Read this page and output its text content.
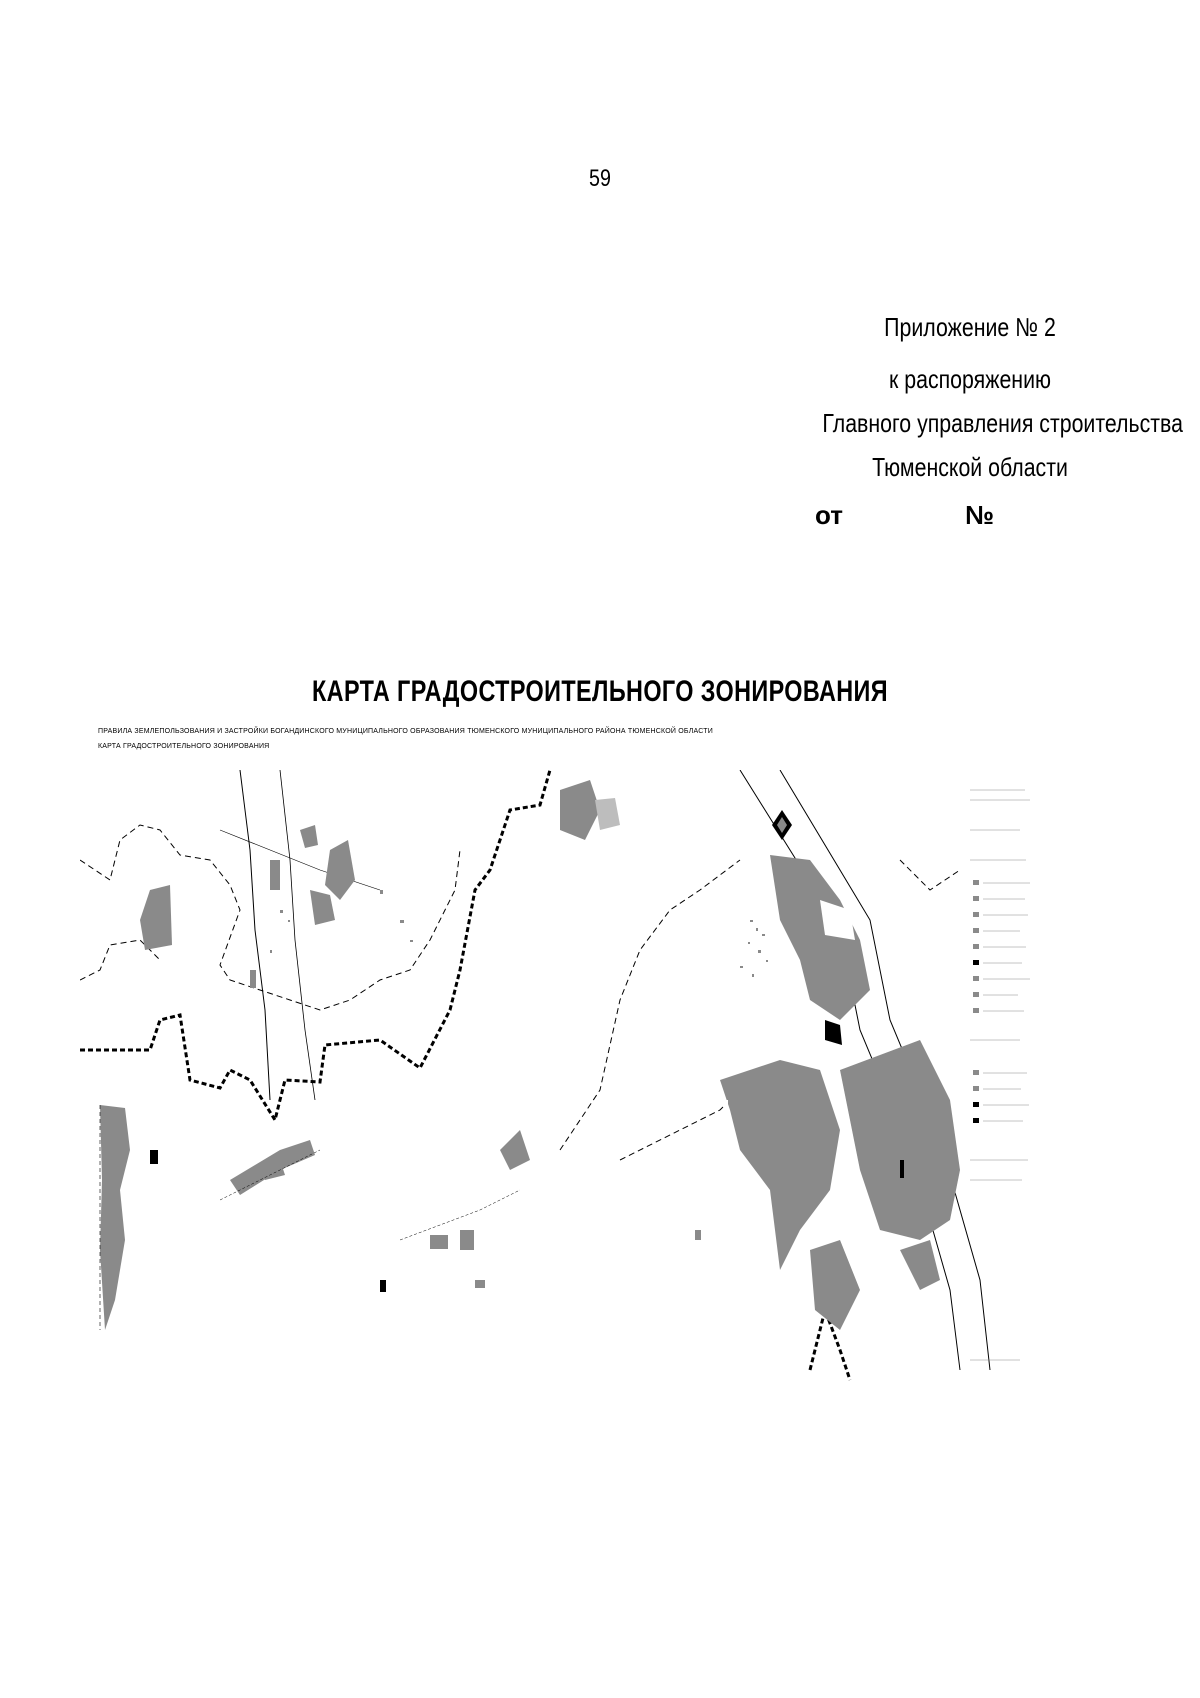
59
Приложение № 2
к распоряжению
Главного управления строительства
Тюменской области
от	№
КАРТА ГРАДОСТРОИТЕЛЬНОГО ЗОНИРОВАНИЯ
ПРАВИЛА ЗЕМЛЕПОЛЬЗОВАНИЯ И ЗАСТРОЙКИ БОГАНДИНСКОГО МУНИЦИПАЛЬНОГО ОБРАЗОВАНИЯ ТЮМЕНСКОГО МУНИЦИПАЛЬНОГО РАЙОНА ТЮМЕНСКОЙ ОБЛАСТИ
КАРТА ГРАДОСТРОИТЕЛЬНОГО ЗОНИРОВАНИЯ
